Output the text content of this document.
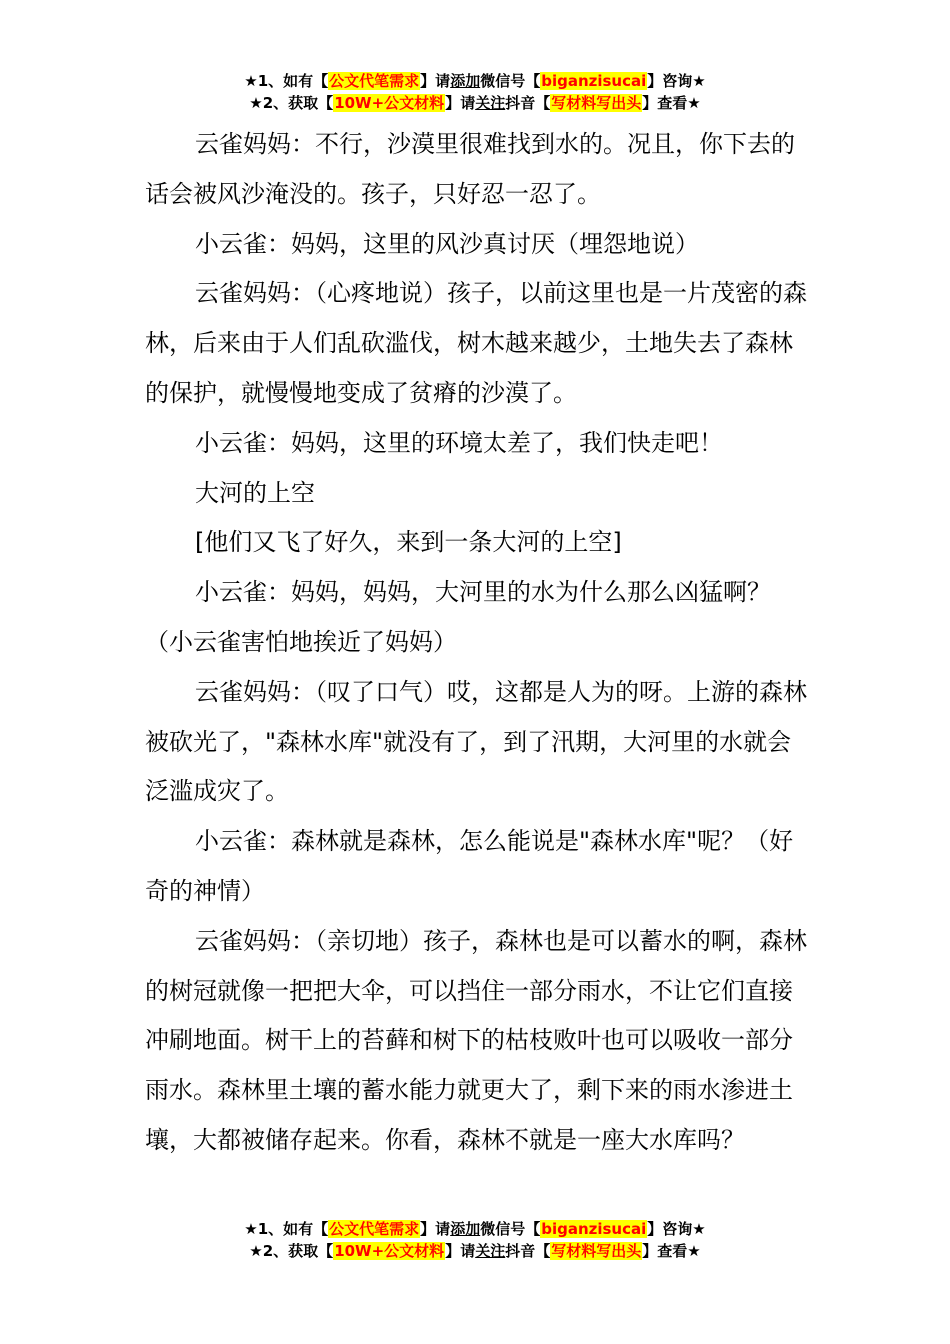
★1、如有【公文代笔需求】请添加微信号【biganzisucai】咨询★
★2、获取【10W+公文材料】请关注抖音【写材料写出头】查看★

云雀妈妈：不行，沙漠里很难找到水的。况且，你下去的话会被风沙淹没的。孩子，只好忍一忍了。

小云雀：妈妈，这里的风沙真讨厌（埋怨地说）

云雀妈妈：（心疼地说）孩子，以前这里也是一片茂密的森林，后来由于人们乱砍滥伐，树木越来越少，土地失去了森林的保护，就慢慢地变成了贫瘠的沙漠了。

小云雀：妈妈，这里的环境太差了，我们快走吧！

大河的上空

[他们又飞了好久，来到一条大河的上空]

小云雀：妈妈，妈妈，大河里的水为什么那么凶猛啊？（小云雀害怕地挨近了妈妈）

云雀妈妈：（叹了口气）哎，这都是人为的呀。上游的森林被砍光了，"森林水库"就没有了，到了汛期，大河里的水就会泛滥成灾了。

小云雀：森林就是森林，怎么能说是"森林水库"呢？（好奇的神情）

云雀妈妈：（亲切地）孩子，森林也是可以蓄水的啊，森林的树冠就像一把把大伞，可以挡住一部分雨水，不让它们直接冲刷地面。树干上的苔藓和树下的枯枝败叶也可以吸收一部分雨水。森林里土壤的蓄水能力就更大了，剩下来的雨水渗进土壤，大都被储存起来。你看，森林不就是一座大水库吗？

★1、如有【公文代笔需求】请添加微信号【biganzisucai】咨询★
★2、获取【10W+公文材料】请关注抖音【写材料写出头】查看★
